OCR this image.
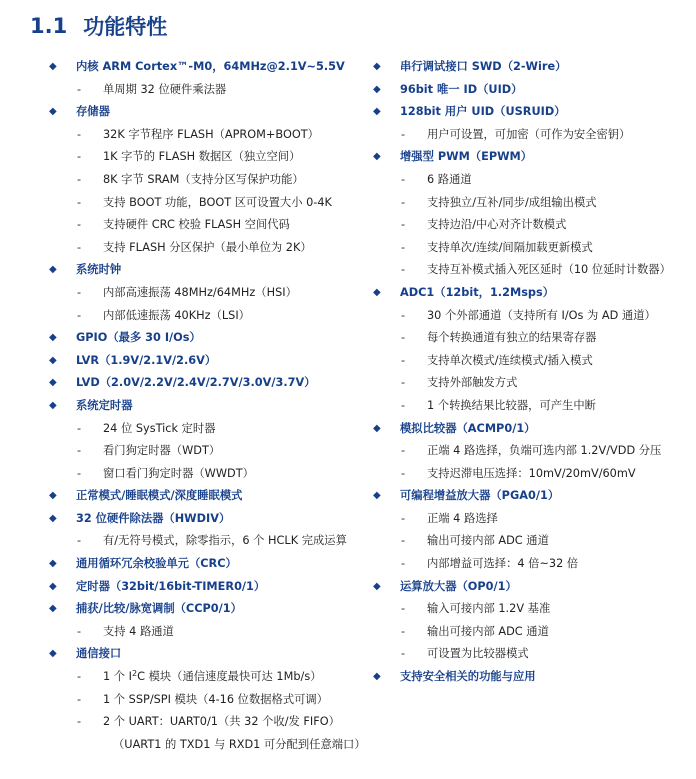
1.1 功能特性
◆ 内核 ARM Cortex™-M0，64MHz@2.1V~5.5V
- 单周期 32 位硬件乘法器
◆ 存储器
- 32K 字节程序 FLASH（APROM+BOOT）
- 1K 字节的 FLASH 数据区（独立空间）
- 8K 字节 SRAM（支持分区写保护功能）
- 支持 BOOT 功能，BOOT 区可设置大小 0-4K
- 支持硬件 CRC 校验 FLASH 空间代码
- 支持 FLASH 分区保护（最小单位为 2K）
◆ 系统时钟
- 内部高速振荡 48MHz/64MHz（HSI）
- 内部低速振荡 40KHz（LSI）
◆ GPIO（最多 30 I/Os）
◆ LVR（1.9V/2.1V/2.6V）
◆ LVD（2.0V/2.2V/2.4V/2.7V/3.0V/3.7V）
◆ 系统定时器
- 24 位 SysTick 定时器
- 看门狗定时器（WDT）
- 窗口看门狗定时器（WWDT）
◆ 正常模式/睡眠模式/深度睡眠模式
◆ 32 位硬件除法器（HWDIV）
- 有/无符号模式，除零指示，6 个 HCLK 完成运算
◆ 通用循环冗余校验单元（CRC）
◆ 定时器（32bit/16bit-TIMER0/1）
◆ 捕获/比较/脉宽调制（CCP0/1）
- 支持 4 路通道
◆ 通信接口
- 1 个 $I^2C$ 模块（通信速度最快可达 1Mb/s）
- 1 个 SSP/SPI 模块（4-16 位数据格式可调）
- 2 个 UART：UART0/1（共 32 个收/发 FIFO）
（UART1 的 TXD1 与 RXD1 可分配到任意端口）
◆ 串行调试接口 SWD（2-Wire）
◆ 96bit 唯一 ID（UID）
◆ 128bit 用户 UID（USRUID）
- 用户可设置，可加密（可作为安全密钥）
◆ 增强型 PWM（EPWM）
- 6 路通道
- 支持独立/互补/同步/成组输出模式
- 支持边沿/中心对齐计数模式
- 支持单次/连续/间隔加载更新模式
- 支持互补模式插入死区延时（10 位延时计数器）
◆ ADC1（12bit，1.2Msps）
- 30 个外部通道（支持所有 I/Os 为 AD 通道）
- 每个转换通道有独立的结果寄存器
- 支持单次模式/连续模式/插入模式
- 支持外部触发方式
- 1 个转换结果比较器，可产生中断
◆ 模拟比较器（ACMP0/1）
- 正端 4 路选择，负端可选内部 1.2V/VDD 分压
- 支持迟滞电压选择：10mV/20mV/60mV
◆ 可编程增益放大器（PGA0/1）
- 正端 4 路选择
- 输出可接内部 ADC 通道
- 内部增益可选择：4 倍~32 倍
◆ 运算放大器（OP0/1）
- 输入可接内部 1.2V 基准
- 输出可接内部 ADC 通道
- 可设置为比较器模式
◆ 支持安全相关的功能与应用
